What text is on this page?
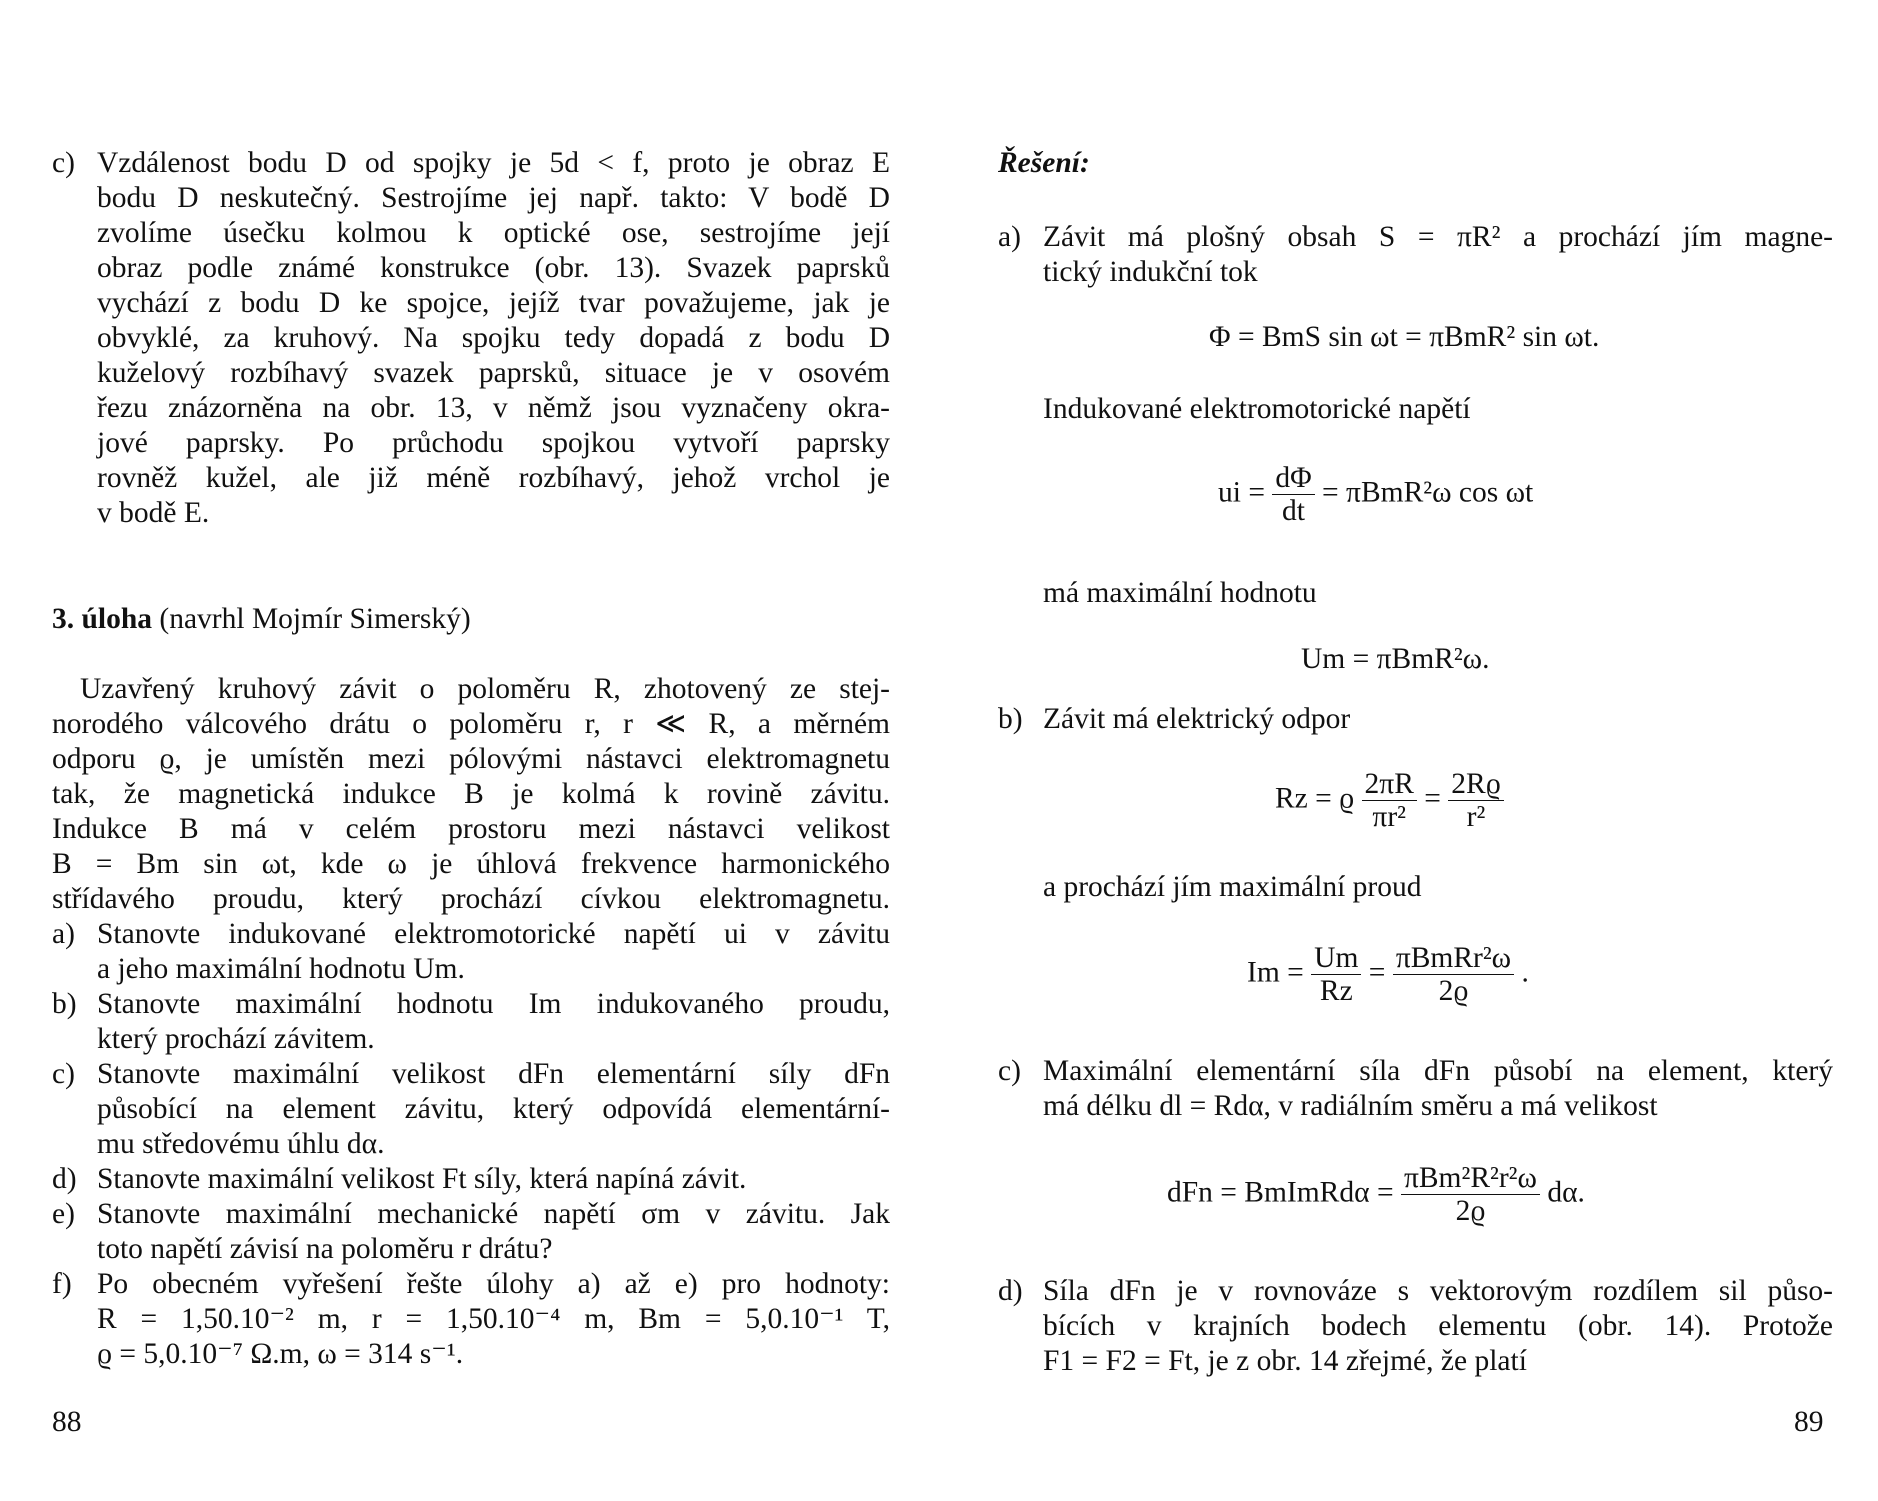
c) Vzdálenost bodu D od spojky je 5d < f, proto je obraz E
bodu D neskutečný. Sestrojíme jej např. takto: V bodě D
zvolíme úsečku kolmou k optické ose, sestrojíme její
obraz podle známé konstrukce (obr. 13). Svazek paprsků
vychází z bodu D ke spojce, jejíž tvar považujeme, jak je
obvyklé, za kruhový. Na spojku tedy dopadá z bodu D
kuželový rozbíhavý svazek paprsků, situace je v osovém
řezu znázorněna na obr. 13, v němž jsou vyznačeny okra-
jové paprsky. Po průchodu spojkou vytvoří paprsky
rovněž kužel, ale již méně rozbíhavý, jehož vrchol je
v bodě E.
3. úloha (navrhl Mojmír Simerský)
Uzavřený kruhový závit o poloměru R, zhotovený ze stej-
norodého válcového drátu o poloměru r, r ≪ R, a měrném
odporu ϱ, je umístěn mezi pólovými nástavci elektromagnetu
tak, že magnetická indukce B je kolmá k rovině závitu.
Indukce B má v celém prostoru mezi nástavci velikost
B = Bm sin ωt, kde ω je úhlová frekvence harmonického
střídavého proudu, který prochází cívkou elektromagnetu.
a) Stanovte indukované elektromotorické napětí ui v závitu
a jeho maximální hodnotu Um.
b) Stanovte maximální hodnotu Im indukovaného proudu,
který prochází závitem.
c) Stanovte maximální velikost dFn elementární síly dFn
působící na element závitu, který odpovídá elementární-
mu středovému úhlu dα.
d) Stanovte maximální velikost Ft síly, která napíná závit.
e) Stanovte maximální mechanické napětí σm v závitu. Jak
toto napětí závisí na poloměru r drátu?
f) Po obecném vyřešení řešte úlohy a) až e) pro hodnoty:
R = 1,50.10⁻² m, r = 1,50.10⁻⁴ m, Bm = 5,0.10⁻¹ T,
ϱ = 5,0.10⁻⁷ Ω.m, ω = 314 s⁻¹.
88
Řešení:
a) Závit má plošný obsah S = πR² a prochází jím magne-
tický indukční tok
Φ = BmS sin ωt = πBmR² sin ωt.
Indukované elektromotorické napětí
ui = $\frac{d\Phi}{dt} = \pi BmR^2\omega$ cos ωt
má maximální hodnotu
Um = πBmR²ω.
b) Závit má elektrický odpor
Rz = ϱ $\frac{2\pi R}{\text{πr²}} = \frac{2Rϱ}{\text{r²}}$
a prochází jím maximální proud
$Im = \frac{Um}{Rz} = \frac{\text{πBmRr²ω}}{2ϱ}$ .
c) Maximální elementární síla dFn působí na element, který
má délku dl = Rdα, v radiálním směru a má velikost
dFn = BmImRdα = $\frac{\text{πBm²R²r²ω}}{2ϱ} d\alpha$.
d) Síla dFn je v rovnováze s vektorovým rozdílem sil půso-
bících v krajních bodech elementu (obr. 14). Protože
F1 = F2 = Ft, je z obr. 14 zřejmé, že platí
89
